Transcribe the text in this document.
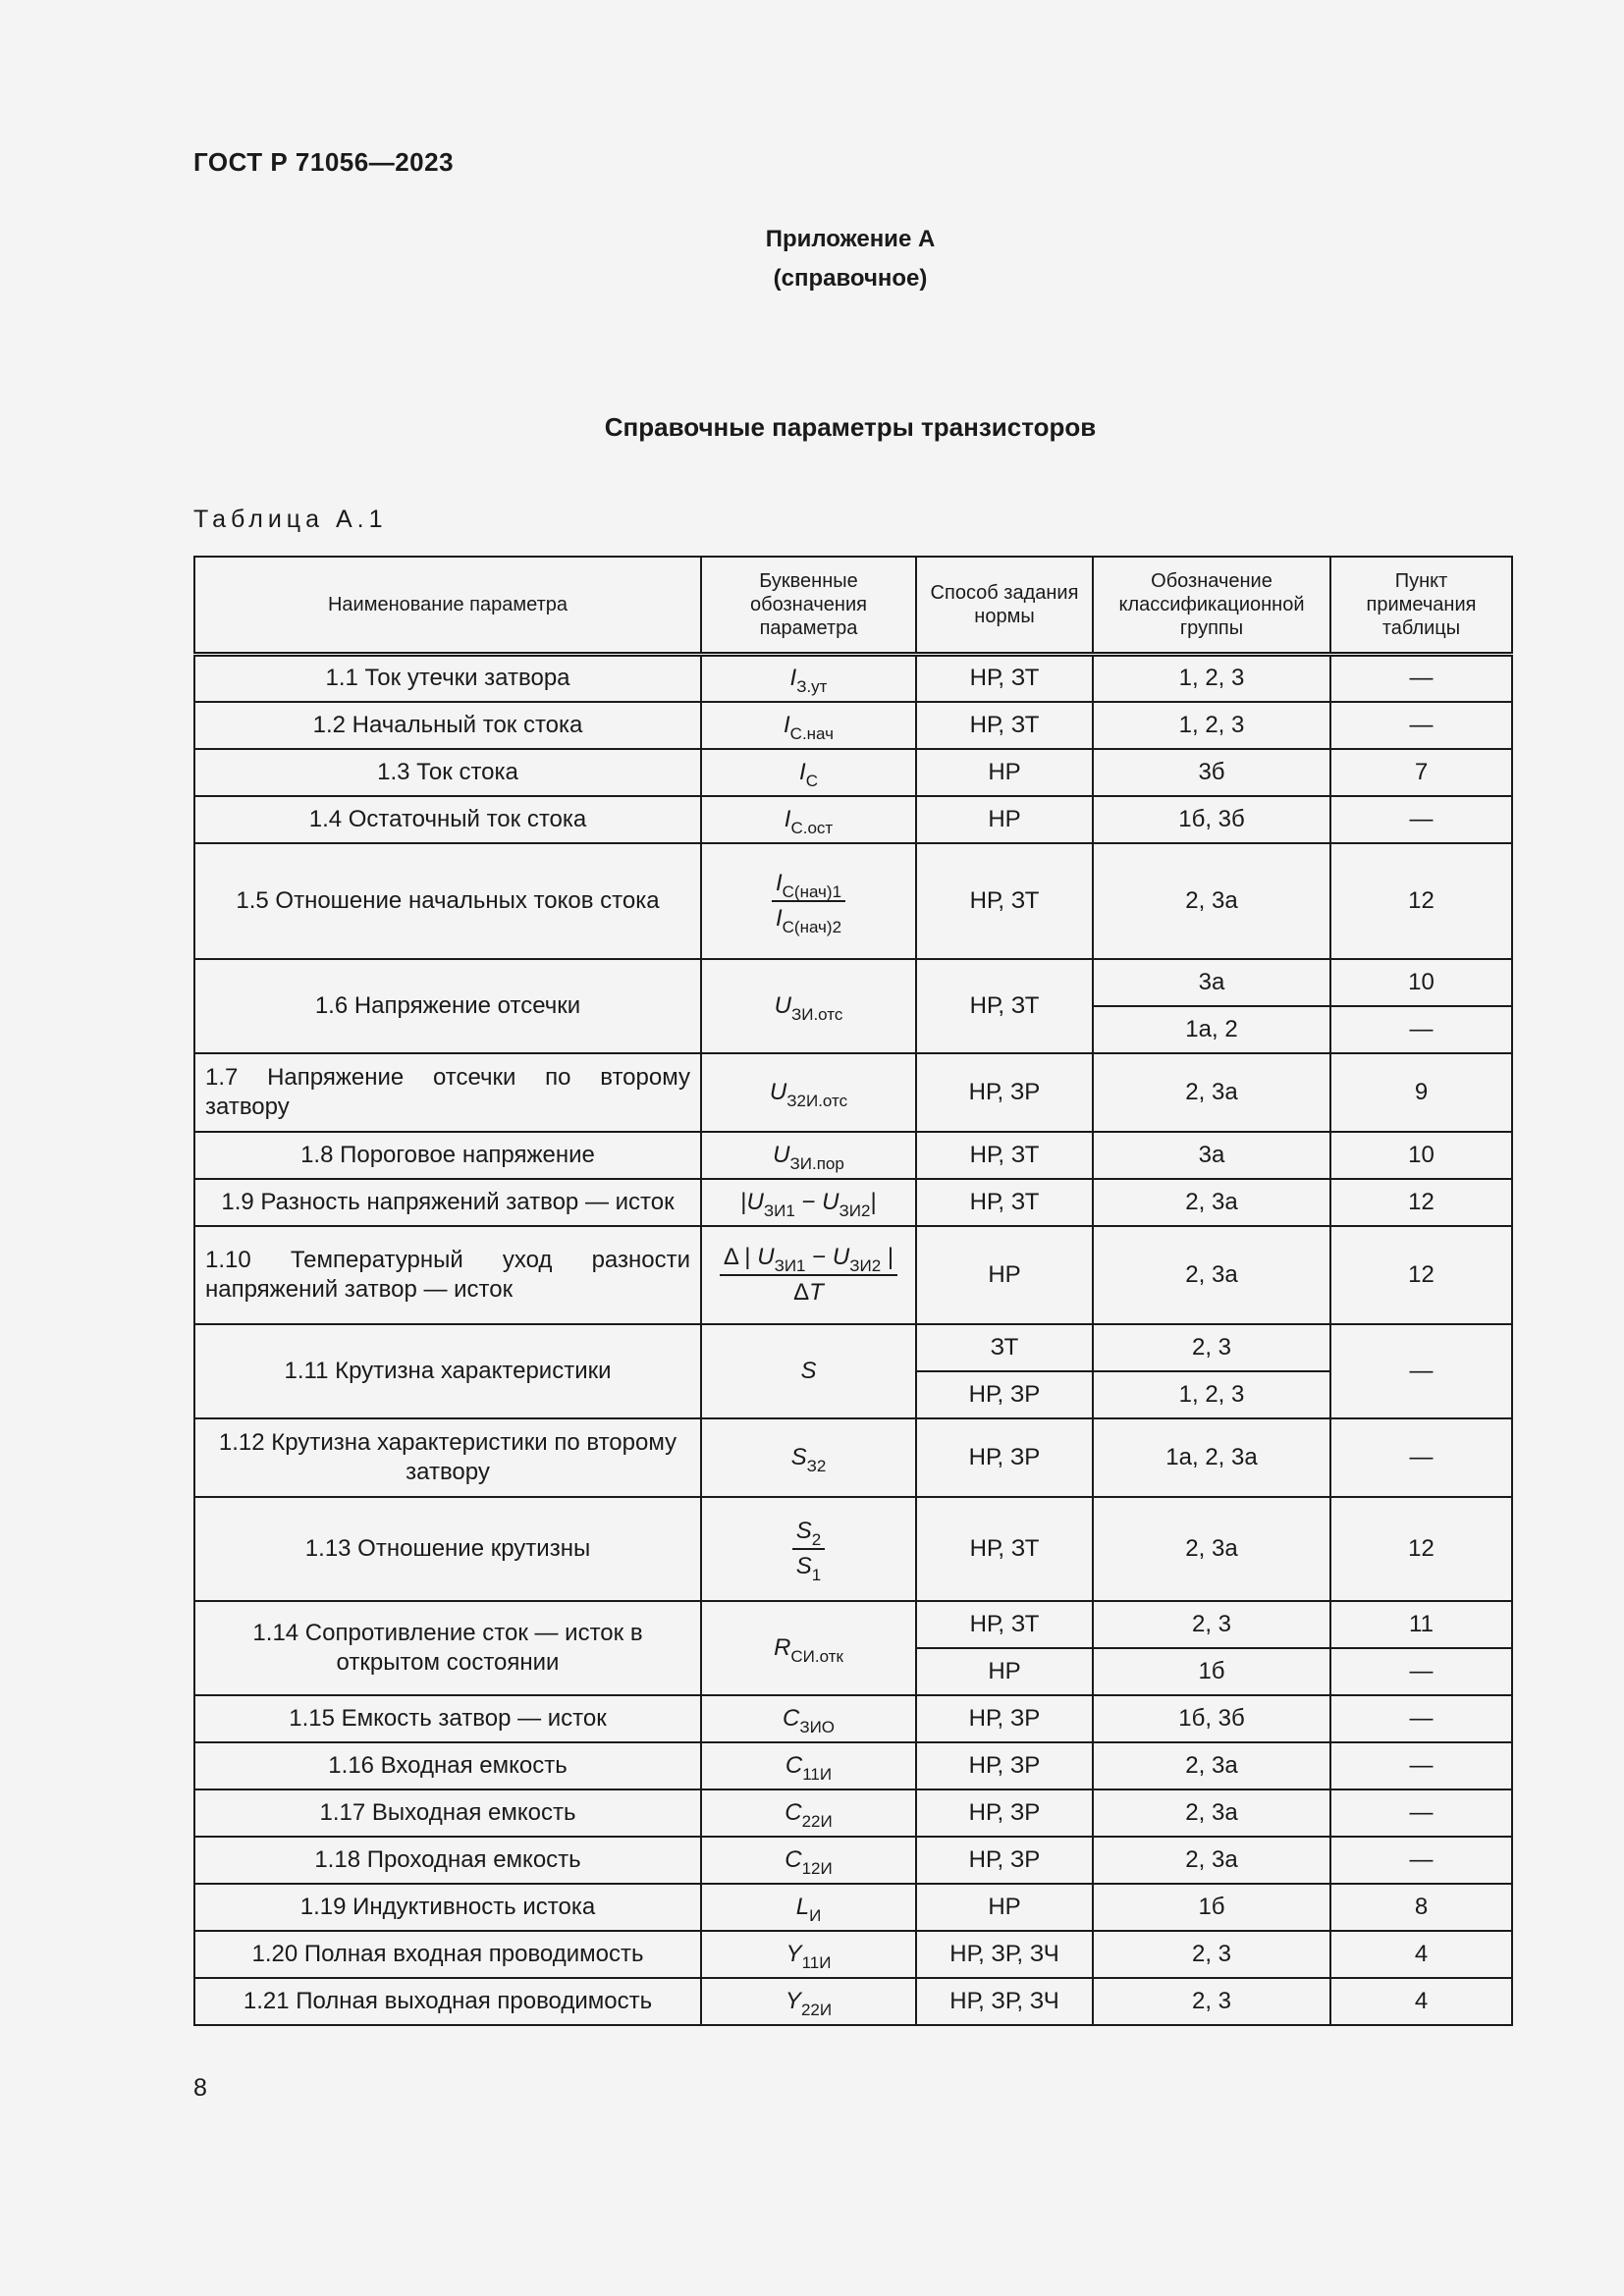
ГОСТ Р 71056—2023
Приложение А
(справочное)
Справочные параметры транзисторов
Таблица А.1
Наименование параметра	Буквенные обозначения параметра	Способ задания нормы	Обозначение классификационной группы	Пункт примечания таблицы
1.1 Ток утечки затвора	$I_{З.ут}$	НР, ЗТ	1, 2, 3	—
1.2 Начальный ток стока	$I_{С.нач}$	НР, ЗТ	1, 2, 3	—
1.3 Ток стока	$I_С$	НР	3б	7
1.4 Остаточный ток стока	$I_{С.ост}$	НР	1б, 3б	—
1.5 Отношение начальных токов стока	$\frac{I_{С(нач)1}}{I_{С(нач)2}}$	НР, ЗТ	2, 3а	12
1.6 Напряжение отсечки	$U_{ЗИ.отс}$	НР, ЗТ	3а	10
			1а, 2	—
1.7 Напряжение отсечки по второму затвору	$U_{З2И.отс}$	НР, ЗР	2, 3а	9
1.8 Пороговое напряжение	$U_{ЗИ.пор}$	НР, ЗТ	3а	10
1.9 Разность напряжений затвор — исток	$|U_{ЗИ1} - U_{ЗИ2}|$	НР, ЗТ	2, 3а	12
1.10 Температурный уход разности напряжений затвор — исток	$\frac{\Delta | U_{ЗИ1} - U_{ЗИ2} |}{\Delta T}$	НР	2, 3а	12
1.11 Крутизна характеристики	S	ЗТ	2, 3	—
		НР, ЗР	1, 2, 3	
1.12 Крутизна характеристики по второму затвору	$S_{З2}$	НР, ЗР	1а, 2, 3а	—
1.13 Отношение крутизны	$\frac{S_2}{S_1}$	НР, ЗТ	2, 3а	12
1.14 Сопротивление сток — исток в открытом состоянии	$R_{СИ.отк}$	НР, ЗТ	2, 3	11
		НР	1б	—
1.15 Емкость затвор — исток	$C_{ЗИО}$	НР, ЗР	1б, 3б	—
1.16 Входная емкость	$C_{11И}$	НР, ЗР	2, 3а	—
1.17 Выходная емкость	$C_{22И}$	НР, ЗР	2, 3а	—
1.18 Проходная емкость	$C_{12И}$	НР, ЗР	2, 3а	—
1.19 Индуктивность истока	$L_И$	НР	1б	8
1.20 Полная входная проводимость	$Y_{11И}$	НР, ЗР, ЗЧ	2, 3	4
1.21 Полная выходная проводимость	$Y_{22И}$	НР, ЗР, ЗЧ	2, 3	4
8
